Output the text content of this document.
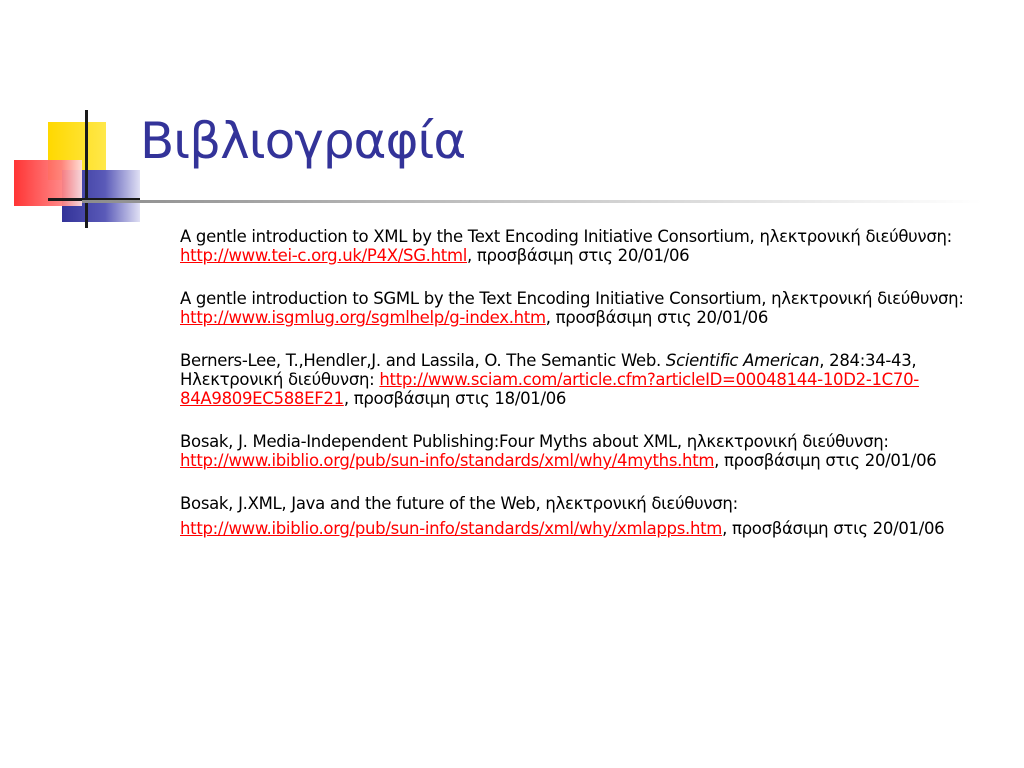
Βιβλιογραφία

A gentle introduction to XML by the Text Encoding Initiative Consortium, ηλεκτρονική διεύθυνση: http://www.tei-c.org.uk/P4X/SG.html, προσβάσιμη στις 20/01/06

A gentle introduction to SGML by the Text Encoding Initiative Consortium, ηλεκτρονική διεύθυνση: http://www.isgmlug.org/sgmlhelp/g-index.htm, προσβάσιμη στις 20/01/06

Berners-Lee, T.,Hendler,J. and Lassila, O. The Semantic Web. Scientific American, 284:34-43, Ηλεκτρονική διεύθυνση: http://www.sciam.com/article.cfm?articleID=00048144-10D2-1C70-84A9809EC588EF21, προσβάσιμη στις 18/01/06

Bosak, J. Media-Independent Publishing:Four Myths about XML, ηλκεκτρονική διεύθυνση: http://www.ibiblio.org/pub/sun-info/standards/xml/why/4myths.htm, προσβάσιμη στις 20/01/06

Bosak, J.XML, Java and the future of the Web, ηλεκτρονική διεύθυνση:
http://www.ibiblio.org/pub/sun-info/standards/xml/why/xmlapps.htm, προσβάσιμη στις 20/01/06
